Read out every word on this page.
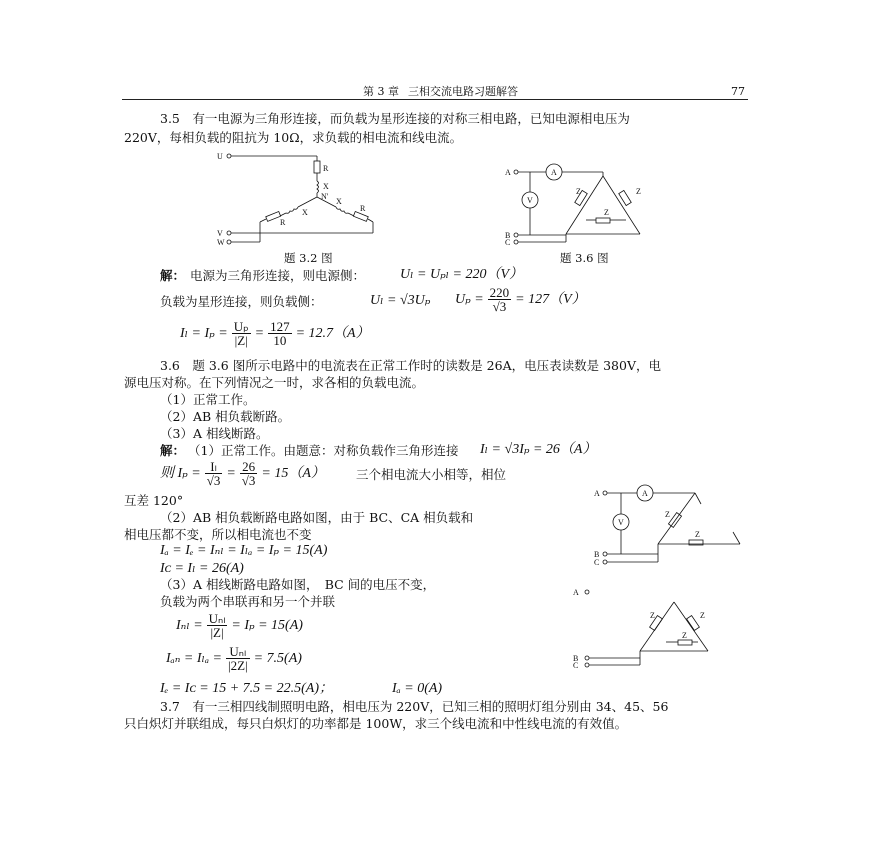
第 3 章 三相交流电路习题解答	77
3.5　有一电源为三角形连接，而负载为星形连接的对称三相电路，已知电源相电压为
220V，每相负载的阻抗为 10Ω，求负载的相电流和线电流。
U
V
W
R
X
N'
X
X
R
R
题 3.2 图
A
B
C
A
V
Z	Z
Z
题 3.6 图
解： 电源为三角形连接，则电源侧： Uₗ = Uₚₗ = 220（V）
负载为星形连接，则负载侧：	Uₗ = √3Uₚ $U_p = \frac{220}{√3} = 127(V)$
$I_l = I_p = \frac{\text{Uₚ}}{|Z|} = \frac{127}{10} = 12.7(A)$
3.6　题 3.6 图所示电路中的电流表在正常工作时的读数是 26A，电压表读数是 380V，电
源电压对称。在下列情况之一时，求各相的负载电流。
（1）正常工作。
（2）AB 相负载断路。
（3）A 相线断路。
解： （1）正常工作。由题意：对称负载作三角形连接 Iₗ = √3Iₚ = 26（A）
则 $I_p = \frac{\text{Iₗ}}{√3} = \frac{26}{√3} = 15(A)$ 三个相电流大小相等，相位
互差 120°
（2）AB 相负载断路电路如图，由于 BC、CA 相负载和
相电压都不变，所以相电流也不变
Iₐ = Iₑ = Iₙₗ = Iₗₐ = Iₚ = 15(A)
Iᴄ = Iₗ = 26(A)
（3）A 相线断路电路如图，　BC 间的电压不变，
负载为两个串联再和另一个并联
$I_{nl} = \frac{\text{Uₙₗ}}{|Z|} = I_p = 15(A)$
$I_{an} = I_{la} = \frac{\text{Uₙₗ}}{|2Z|} = 7.5(A)$
Iₑ = Iᴄ = 15 + 7.5 = 22.5(A)；	Iₐ = 0(A)
A
B
C
A
V
Z
Z
A
B
C
Z	Z
Z
3.7　有一三相四线制照明电路，相电压为 220V，已知三相的照明灯组分别由 34、45、56
只白炽灯并联组成，每只白炽灯的功率都是 100W，求三个线电流和中性线电流的有效值。
